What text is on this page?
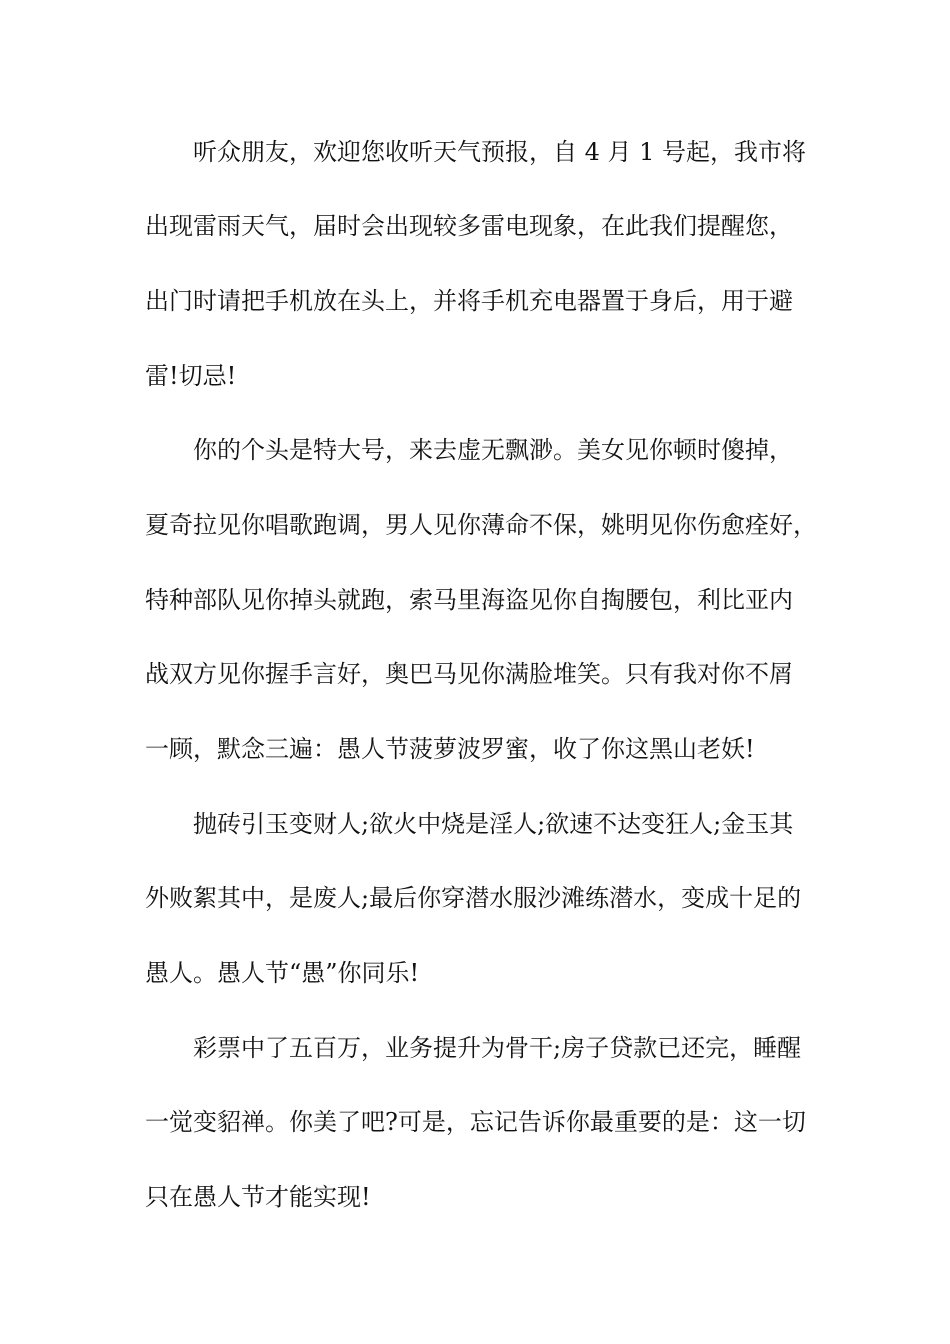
听众朋友，欢迎您收听天气预报，自 4 月 1 号起，我市将

出现雷雨天气，届时会出现较多雷电现象，在此我们提醒您，

出门时请把手机放在头上，并将手机充电器置于身后，用于避

雷!切忌!

你的个头是特大号，来去虚无飘渺。美女见你顿时傻掉，

夏奇拉见你唱歌跑调，男人见你薄命不保，姚明见你伤愈痊好，

特种部队见你掉头就跑，索马里海盗见你自掏腰包，利比亚内

战双方见你握手言好，奥巴马见你满脸堆笑。只有我对你不屑

一顾，默念三遍：愚人节菠萝波罗蜜，收了你这黑山老妖!

抛砖引玉变财人;欲火中烧是淫人;欲速不达变狂人;金玉其

外败絮其中，是废人;最后你穿潜水服沙滩练潜水，变成十足的

愚人。愚人节“愚”你同乐!

彩票中了五百万，业务提升为骨干;房子贷款已还完，睡醒

一觉变貂禅。你美了吧?可是，忘记告诉你最重要的是：这一切

只在愚人节才能实现!
